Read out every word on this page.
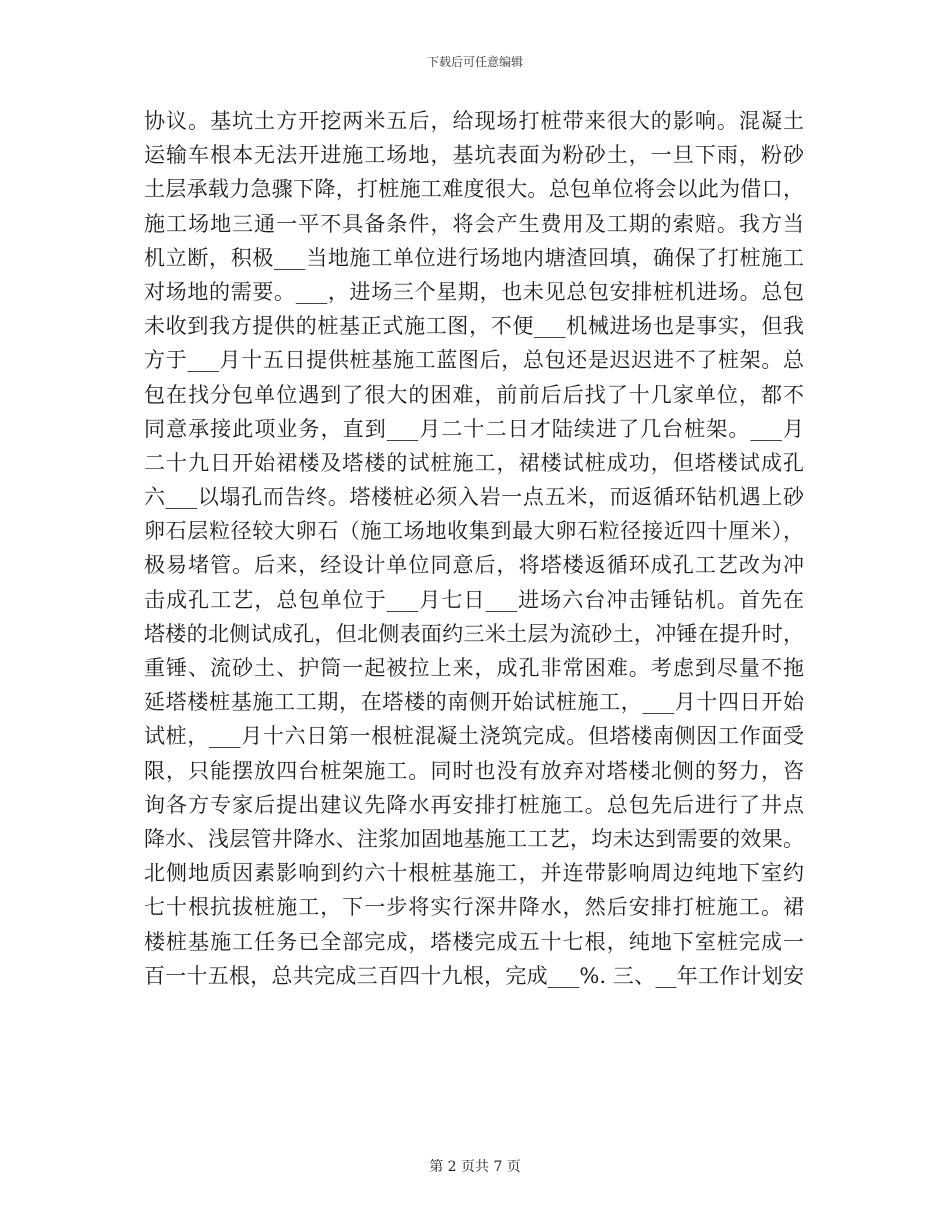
下载后可任意编辑
协议。基坑土方开挖两米五后，给现场打桩带来很大的影响。混凝土
运输车根本无法开进施工场地，基坑表面为粉砂土，一旦下雨，粉砂
土层承载力急骤下降，打桩施工难度很大。总包单位将会以此为借口，
施工场地三通一平不具备条件，将会产生费用及工期的索赔。我方当
机立断，积极___当地施工单位进行场地内塘渣回填，确保了打桩施工
对场地的需要。___，进场三个星期，也未见总包安排桩机进场。总包
未收到我方提供的桩基正式施工图，不便___机械进场也是事实，但我
方于___月十五日提供桩基施工蓝图后，总包还是迟迟进不了桩架。总
包在找分包单位遇到了很大的困难，前前后后找了十几家单位，都不
同意承接此项业务，直到___月二十二日才陆续进了几台桩架。___月
二十九日开始裙楼及塔楼的试桩施工，裙楼试桩成功，但塔楼试成孔
六___以塌孔而告终。塔楼桩必须入岩一点五米，而返循环钻机遇上砂
卵石层粒径较大卵石（施工场地收集到最大卵石粒径接近四十厘米），
极易堵管。后来，经设计单位同意后，将塔楼返循环成孔工艺改为冲
击成孔工艺，总包单位于___月七日___进场六台冲击锤钻机。首先在
塔楼的北侧试成孔，但北侧表面约三米土层为流砂土，冲锤在提升时，
重锤、流砂土、护筒一起被拉上来，成孔非常困难。考虑到尽量不拖
延塔楼桩基施工工期，在塔楼的南侧开始试桩施工，___月十四日开始
试桩，___月十六日第一根桩混凝土浇筑完成。但塔楼南侧因工作面受
限，只能摆放四台桩架施工。同时也没有放弃对塔楼北侧的努力，咨
询各方专家后提出建议先降水再安排打桩施工。总包先后进行了井点
降水、浅层管井降水、注浆加固地基施工工艺，均未达到需要的效果。
北侧地质因素影响到约六十根桩基施工，并连带影响周边纯地下室约
七十根抗拔桩施工，下一步将实行深井降水，然后安排打桩施工。裙
楼桩基施工任务已全部完成，塔楼完成五十七根，纯地下室桩完成一
百一十五根，总共完成三百四十九根，完成___%. 三、__年工作计划安
第 2 页共 7 页
